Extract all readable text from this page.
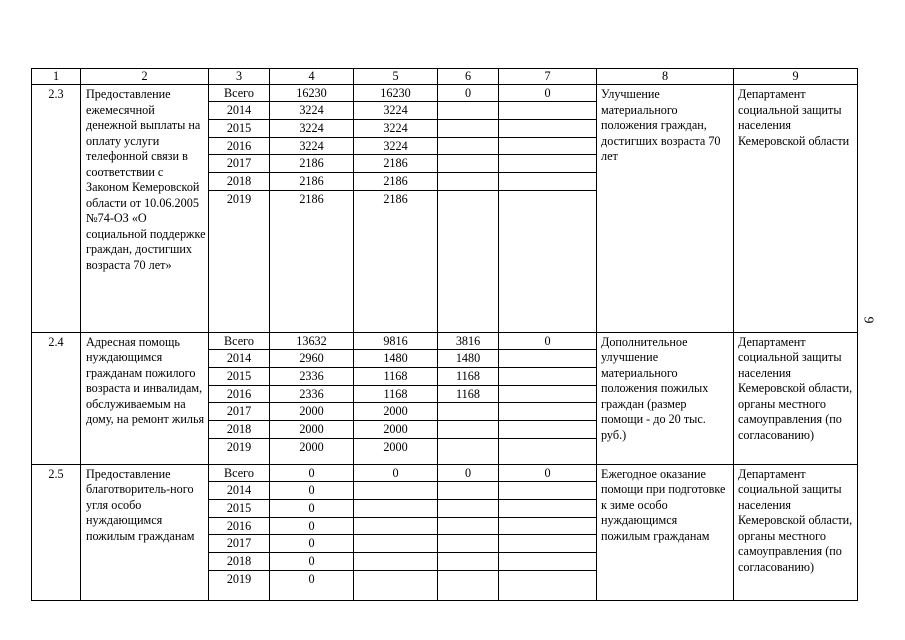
1	2	3	4	5	6	7	8	9
2.3	Предоставление ежемесячной денежной выплаты на оплату услуги телефонной связи в соответствии с Законом Кемеровской области от 10.06.2005 №74-ОЗ «О социальной поддержке граждан, достигших возраста 70 лет»	Всего	16230	16230	0	0	Улучшение материального положения граждан, достигших возраста 70 лет	Департамент социальной защиты населения Кемеровской области
		2014	3224	3224				
		2015	3224	3224				
		2016	3224	3224				
		2017	2186	2186				
		2018	2186	2186				
		2019	2186	2186				
2.4	Адресная помощь нуждающимся гражданам пожилого возраста и инвалидам, обслуживаемым на дому, на ремонт жилья	Всего	13632	9816	3816	0	Дополнительное улучшение материального положения пожилых граждан (размер помощи - до 20 тыс. руб.)	Департамент социальной защиты населения Кемеровской области, органы местного самоуправления (по согласованию)
		2014	2960	1480	1480			
		2015	2336	1168	1168			
		2016	2336	1168	1168			
		2017	2000	2000				
		2018	2000	2000				
		2019	2000	2000				
2.5	Предоставление благотворитель-ного угля особо нуждающимся пожилым гражданам	Всего	0	0	0	0	Ежегодное оказание помощи при подготовке к зиме особо нуждающимся пожилым гражданам	Департамент социальной защиты населения Кемеровской области, органы местного самоуправления (по согласованию)
		2014	0					
		2015	0					
		2016	0					
		2017	0					
		2018	0					
		2019	0					
9
